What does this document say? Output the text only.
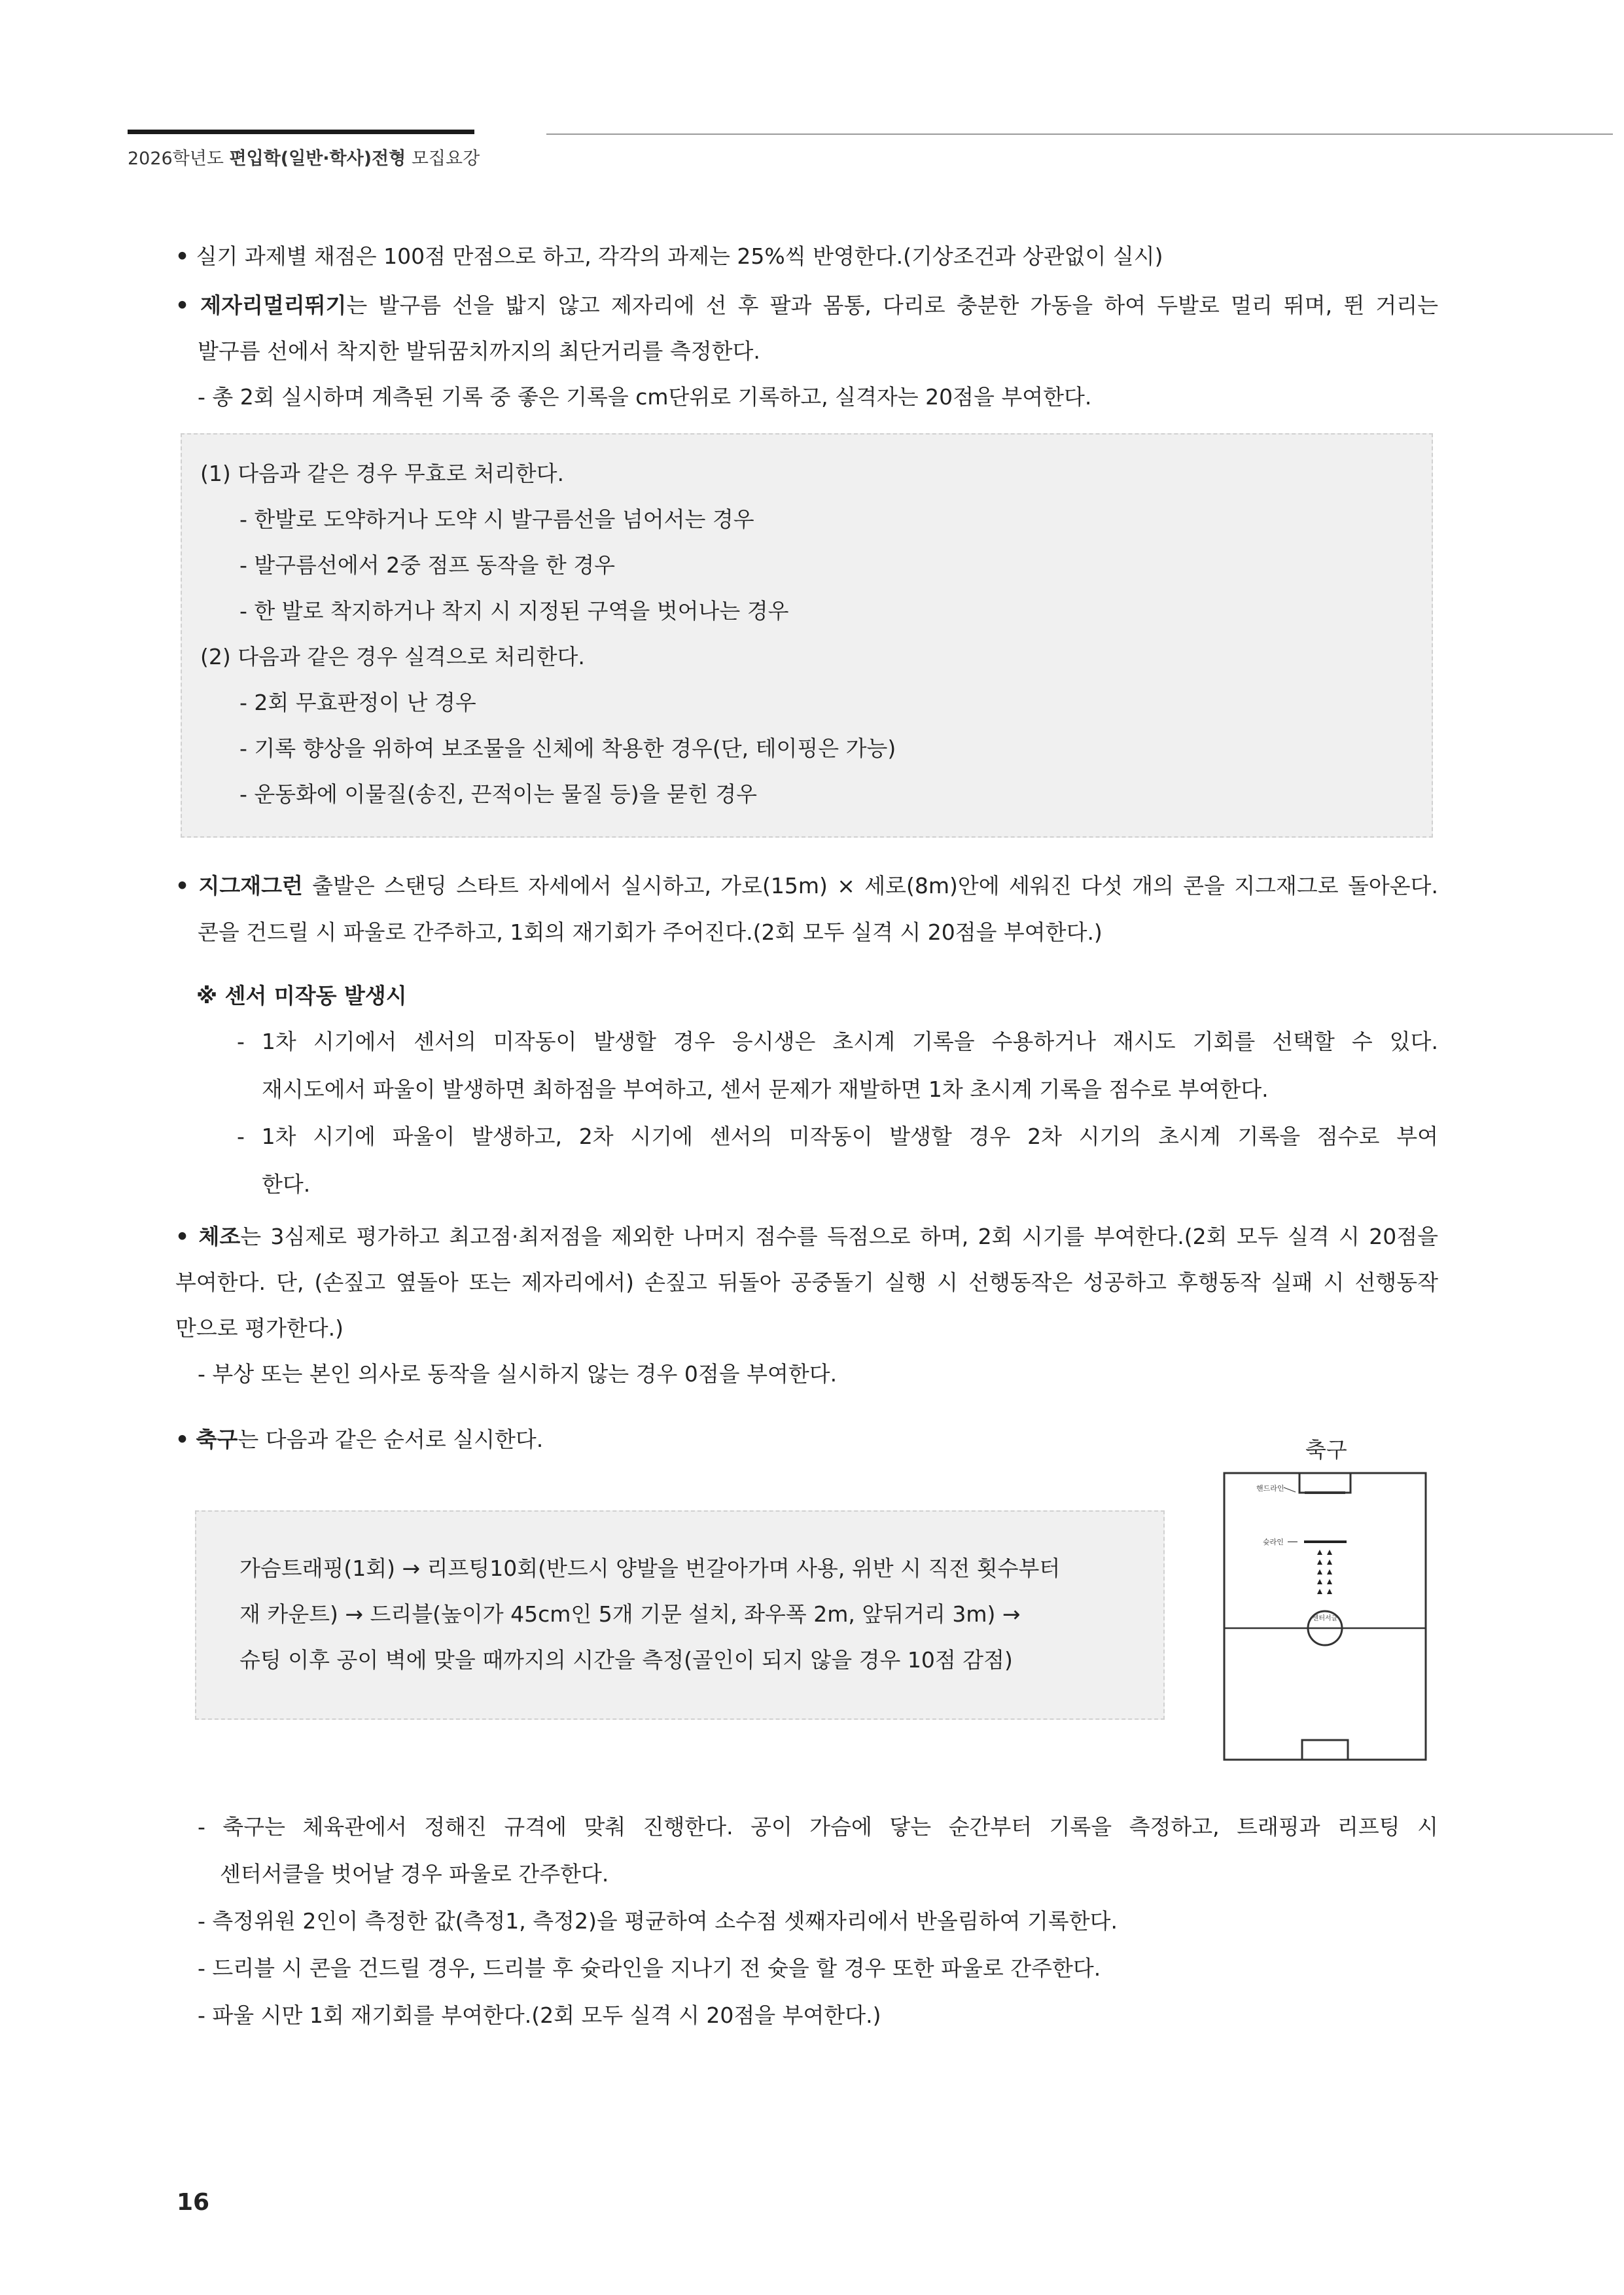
2026학년도 편입학(일반·학사)전형 모집요강
• 실기 과제별 채점은 100점 만점으로 하고, 각각의 과제는 25%씩 반영한다.(기상조건과 상관없이 실시)
• 제자리멀리뛰기는 발구름 선을 밟지 않고 제자리에 선 후 팔과 몸통, 다리로 충분한 가동을 하여 두발로 멀리 뛰며, 뛴 거리는
발구름 선에서 착지한 발뒤꿈치까지의 최단거리를 측정한다.
- 총 2회 실시하며 계측된 기록 중 좋은 기록을 cm단위로 기록하고, 실격자는 20점을 부여한다.
(1) 다음과 같은 경우 무효로 처리한다.
- 한발로 도약하거나 도약 시 발구름선을 넘어서는 경우
- 발구름선에서 2중 점프 동작을 한 경우
- 한 발로 착지하거나 착지 시 지정된 구역을 벗어나는 경우
(2) 다음과 같은 경우 실격으로 처리한다.
- 2회 무효판정이 난 경우
- 기록 향상을 위하여 보조물을 신체에 착용한 경우(단, 테이핑은 가능)
- 운동화에 이물질(송진, 끈적이는 물질 등)을 묻힌 경우
• 지그재그런 출발은 스탠딩 스타트 자세에서 실시하고, 가로(15m) × 세로(8m)안에 세워진 다섯 개의 콘을 지그재그로 돌아온다.
콘을 건드릴 시 파울로 간주하고, 1회의 재기회가 주어진다.(2회 모두 실격 시 20점을 부여한다.)
※ 센서 미작동 발생시
- 1차 시기에서 센서의 미작동이 발생할 경우 응시생은 초시계 기록을 수용하거나 재시도 기회를 선택할 수 있다.
재시도에서 파울이 발생하면 최하점을 부여하고, 센서 문제가 재발하면 1차 초시계 기록을 점수로 부여한다.
- 1차 시기에 파울이 발생하고, 2차 시기에 센서의 미작동이 발생할 경우 2차 시기의 초시계 기록을 점수로 부여
한다.
• 체조는 3심제로 평가하고 최고점·최저점을 제외한 나머지 점수를 득점으로 하며, 2회 시기를 부여한다.(2회 모두 실격 시 20점을
부여한다. 단, (손짚고 옆돌아 또는 제자리에서) 손짚고 뒤돌아 공중돌기 실행 시 선행동작은 성공하고 후행동작 실패 시 선행동작
만으로 평가한다.)
- 부상 또는 본인 의사로 동작을 실시하지 않는 경우 0점을 부여한다.
• 축구는 다음과 같은 순서로 실시한다.
가슴트래핑(1회) → 리프팅10회(반드시 양발을 번갈아가며 사용, 위반 시 직전 횟수부터
재 카운트) → 드리블(높이가 45cm인 5개 기문 설치, 좌우폭 2m, 앞뒤거리 3m) →
슈팅 이후 공이 벽에 맞을 때까지의 시간을 측정(골인이 되지 않을 경우 10점 감점)
축구
핸드라인
슛라인
센터서클
- 축구는 체육관에서 정해진 규격에 맞춰 진행한다. 공이 가슴에 닿는 순간부터 기록을 측정하고, 트래핑과 리프팅 시
센터서클을 벗어날 경우 파울로 간주한다.
- 측정위원 2인이 측정한 값(측정1, 측정2)을 평균하여 소수점 셋째자리에서 반올림하여 기록한다.
- 드리블 시 콘을 건드릴 경우, 드리블 후 슛라인을 지나기 전 슛을 할 경우 또한 파울로 간주한다.
- 파울 시만 1회 재기회를 부여한다.(2회 모두 실격 시 20점을 부여한다.)
16
